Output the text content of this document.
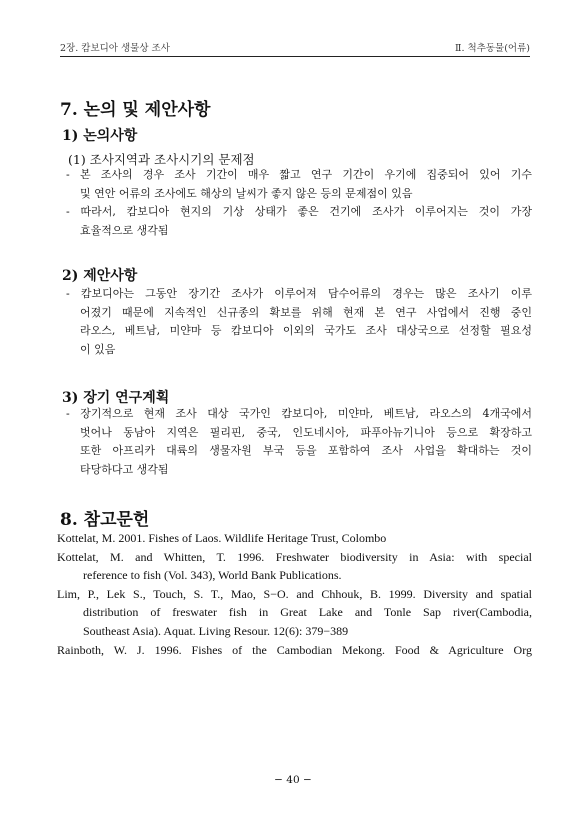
2장. 캄보디아 생물상 조사	Ⅱ. 척추동물(어류)
7. 논의 및 제안사항
1) 논의사항
(1) 조사지역과 조사시기의 문제점
- 본 조사의 경우 조사 기간이 매우 짧고 연구 기간이 우기에 집중되어 있어 기수
및 연안 어류의 조사에도 해상의 날씨가 좋지 않은 등의 문제점이 있음
- 따라서, 캄보디아 현지의 기상 상태가 좋은 건기에 조사가 이루어지는 것이 가장
효율적으로 생각됨
2) 제안사항
- 캄보디아는 그동안 장기간 조사가 이루어져 담수어류의 경우는 많은 조사기 이루
어졌기 때문에 지속적인 신규종의 확보를 위해 현재 본 연구 사업에서 진행 중인
라오스, 베트남, 미얀마 등 캄보디아 이외의 국가도 조사 대상국으로 선정할 필요성
이 있음
3) 장기 연구계획
- 장기적으로 현재 조사 대상 국가인 캄보디아, 미얀마, 베트남, 라오스의 4개국에서
벗어나 동남아 지역은 필리핀, 중국, 인도네시아, 파푸아뉴기니아 등으로 확장하고
또한 아프리카 대륙의 생물자원 부국 등을 포함하여 조사 사업을 확대하는 것이
타당하다고 생각됨
8. 참고문헌
Kottelat, M. 2001. Fishes of Laos. Wildlife Heritage Trust, Colombo
Kottelat, M. and Whitten, T. 1996. Freshwater biodiversity in Asia: with special
reference to fish (Vol. 343), World Bank Publications.
Lim, P., Lek S., Touch, S. T., Mao, S−O. and Chhouk, B. 1999. Diversity and spatial
distribution of freswater fish in Great Lake and Tonle Sap river(Cambodia,
Southeast Asia). Aquat. Living Resour. 12(6): 379−389
Rainboth, W. J. 1996. Fishes of the Cambodian Mekong. Food & Agriculture Org
− 40 −
